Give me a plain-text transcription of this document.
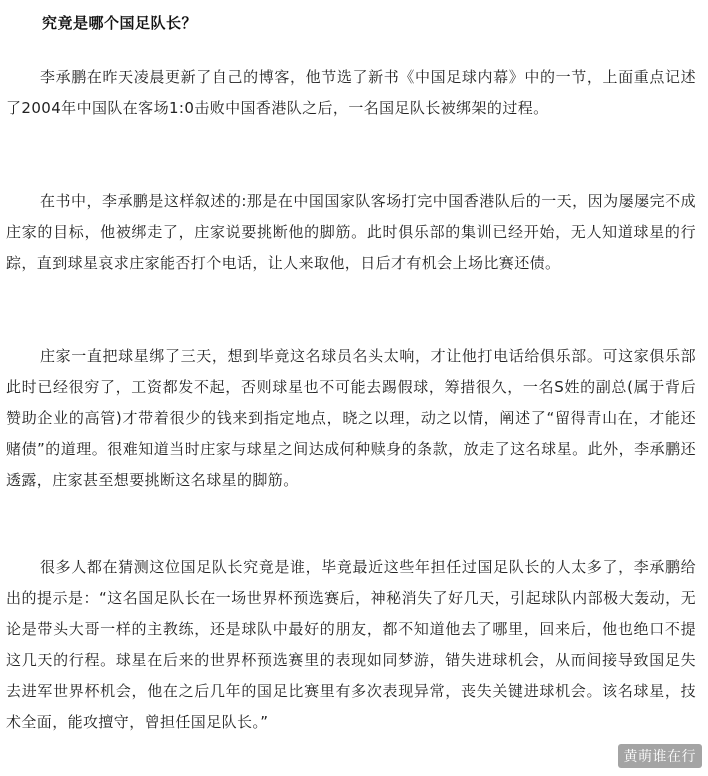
究竟是哪个国足队长？

李承鹏在昨天凌晨更新了自己的博客，他节选了新书《中国足球内幕》中的一节，上面重点记述了2004年中国队在客场1:0击败中国香港队之后，一名国足队长被绑架的过程。

在书中，李承鹏是这样叙述的:那是在中国国家队客场打完中国香港队后的一天，因为屡屡完不成庄家的目标，他被绑走了，庄家说要挑断他的脚筋。此时俱乐部的集训已经开始，无人知道球星的行踪，直到球星哀求庄家能否打个电话，让人来取他，日后才有机会上场比赛还债。

庄家一直把球星绑了三天，想到毕竟这名球员名头太响，才让他打电话给俱乐部。可这家俱乐部此时已经很穷了，工资都发不起，否则球星也不可能去踢假球，筹措很久，一名S姓的副总(属于背后赞助企业的高管)才带着很少的钱来到指定地点，晓之以理，动之以情，阐述了“留得青山在，才能还赌债”的道理。很难知道当时庄家与球星之间达成何种赎身的条款，放走了这名球星。此外，李承鹏还透露，庄家甚至想要挑断这名球星的脚筋。

很多人都在猜测这位国足队长究竟是谁，毕竟最近这些年担任过国足队长的人太多了，李承鹏给出的提示是：“这名国足队长在一场世界杯预选赛后，神秘消失了好几天，引起球队内部极大轰动，无论是带头大哥一样的主教练，还是球队中最好的朋友，都不知道他去了哪里，回来后，他也绝口不提这几天的行程。球星在后来的世界杯预选赛里的表现如同梦游，错失进球机会，从而间接导致国足失去进军世界杯机会，他在之后几年的国足比赛里有多次表现异常，丧失关键进球机会。该名球星，技术全面，能攻擅守，曾担任国足队长。”

黄萌谁在行
